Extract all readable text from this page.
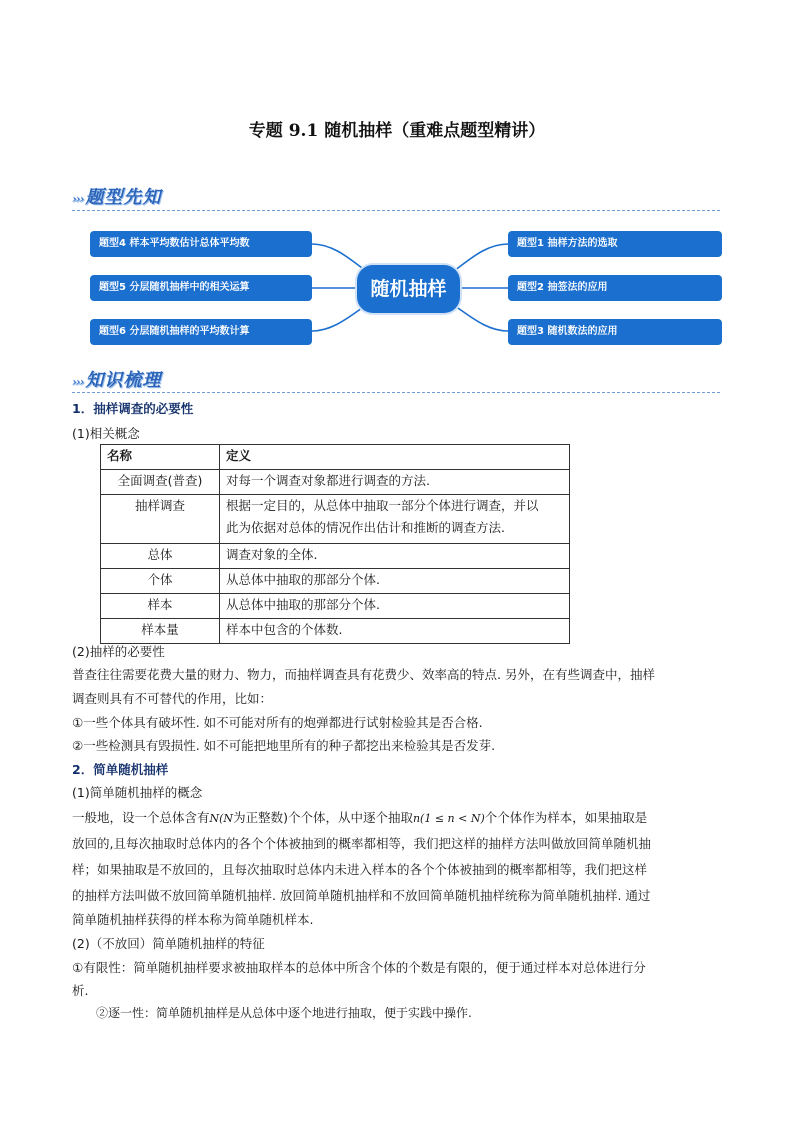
专题 9.1 随机抽样（重难点题型精讲）
››› 题型先知
题型4 样本平均数估计总体平均数
题型5 分层随机抽样中的相关运算
题型6 分层随机抽样的平均数计算
随机抽样
题型1 抽样方法的选取
题型2 抽签法的应用
题型3 随机数法的应用
››› 知识梳理
1．抽样调查的必要性
(1)相关概念
名称	定义
全面调查(普查)	对每一个调查对象都进行调查的方法.
抽样调查	根据一定目的，从总体中抽取一部分个体进行调查，并以
此为依据对总体的情况作出估计和推断的调查方法.

总体	调查对象的全体.
个体	从总体中抽取的那部分个体.
样本	从总体中抽取的那部分个体.
样本量	样本中包含的个体数.
(2)抽样的必要性
普查往往需要花费大量的财力、物力，而抽样调查具有花费少、效率高的特点. 另外，在有些调查中，抽样
调查则具有不可替代的作用，比如：
①一些个体具有破坏性. 如不可能对所有的炮弹都进行试射检验其是否合格.
②一些检测具有毁损性. 如不可能把地里所有的种子都挖出来检验其是否发芽.
2．简单随机抽样
(1)简单随机抽样的概念
一般地，设一个总体含有N(N为正整数)个个体，从中逐个抽取n(1 ≤ n < N)个个体作为样本，如果抽取是
放回的,且每次抽取时总体内的各个个体被抽到的概率都相等，我们把这样的抽样方法叫做放回简单随机抽
样；如果抽取是不放回的，且每次抽取时总体内未进入样本的各个个体被抽到的概率都相等，我们把这样
的抽样方法叫做不放回简单随机抽样. 放回简单随机抽样和不放回简单随机抽样统称为简单随机抽样. 通过
简单随机抽样获得的样本称为简单随机样本.
(2)（不放回）简单随机抽样的特征
①有限性：简单随机抽样要求被抽取样本的总体中所含个体的个数是有限的，便于通过样本对总体进行分
析.
②逐一性：简单随机抽样是从总体中逐个地进行抽取，便于实践中操作.
